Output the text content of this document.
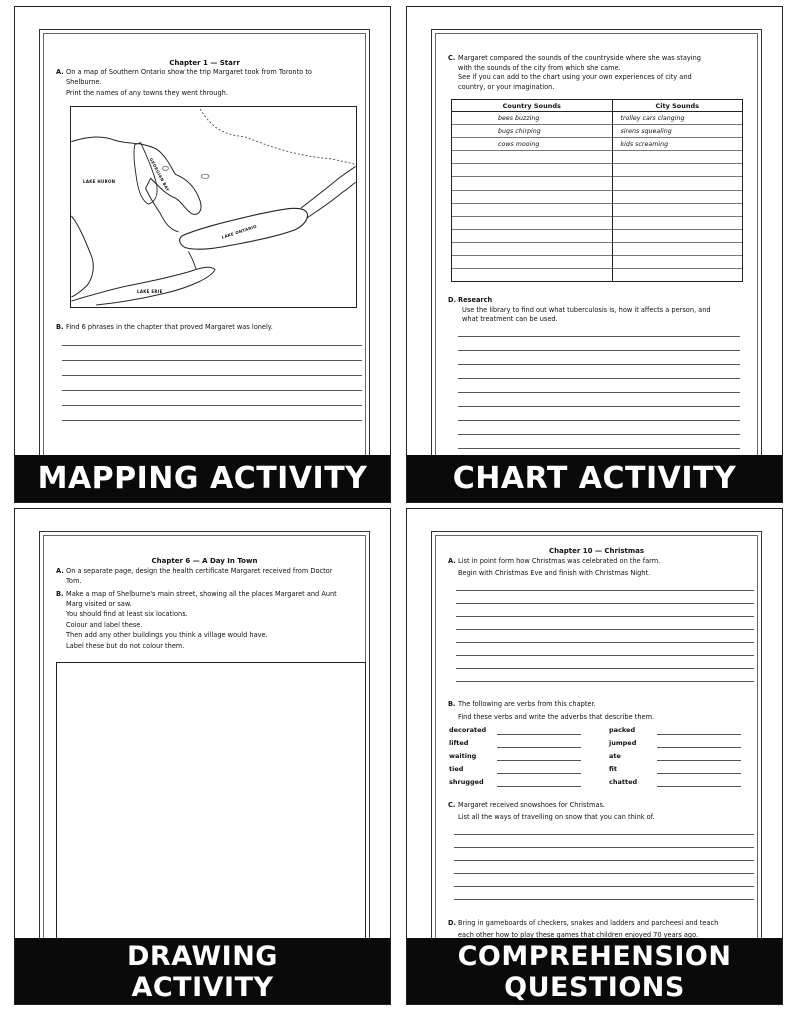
Chapter 1 — Starr
A. On a map of Southern Ontario show the trip Margaret took from Toronto to
Shelburne.
Print the names of any towns they went through.
LAKE HURON	GEORGIAN BAY
LAKE ONTARIO
LAKE ERIE
B. Find 6 phrases in the chapter that proved Margaret was lonely.
MAPPING ACTIVITY
C. Margaret compared the sounds of the countryside where she was staying
with the sounds of the city from which she came.
See if you can add to the chart using your own experiences of city and
country, or your imagination.
Country Sounds	City Sounds
bees buzzing	trolley cars clanging
bugs chirping	sirens squealing
cows mooing	kids screaming

D. Research
Use the library to find out what tuberculosis is, how it affects a person, and
what treatment can be used.
CHART ACTIVITY
Chapter 6 — A Day In Town
A. On a separate page, design the health certificate Margaret received from Doctor
Tom.
B. Make a map of Shelburne's main street, showing all the places Margaret and Aunt
Marg visited or saw.
You should find at least six locations.
Colour and label these.
Then add any other buildings you think a village would have.
Label these but do not colour them.
DRAWING
ACTIVITY
Chapter 10 — Christmas
A. List in point form how Christmas was celebrated on the farm.
Begin with Christmas Eve and finish with Christmas Night.
B. The following are verbs from this chapter.
Find these verbs and write the adverbs that describe them.
decorated
lifted
waiting
tied
shrugged
packed
jumped
ate
fit
chatted
C. Margaret received snowshoes for Christmas.
List all the ways of travelling on snow that you can think of.
D. Bring in gameboards of checkers, snakes and ladders and parcheesi and teach
each other how to play these games that children enjoyed 70 years ago.
COMPREHENSION
QUESTIONS
